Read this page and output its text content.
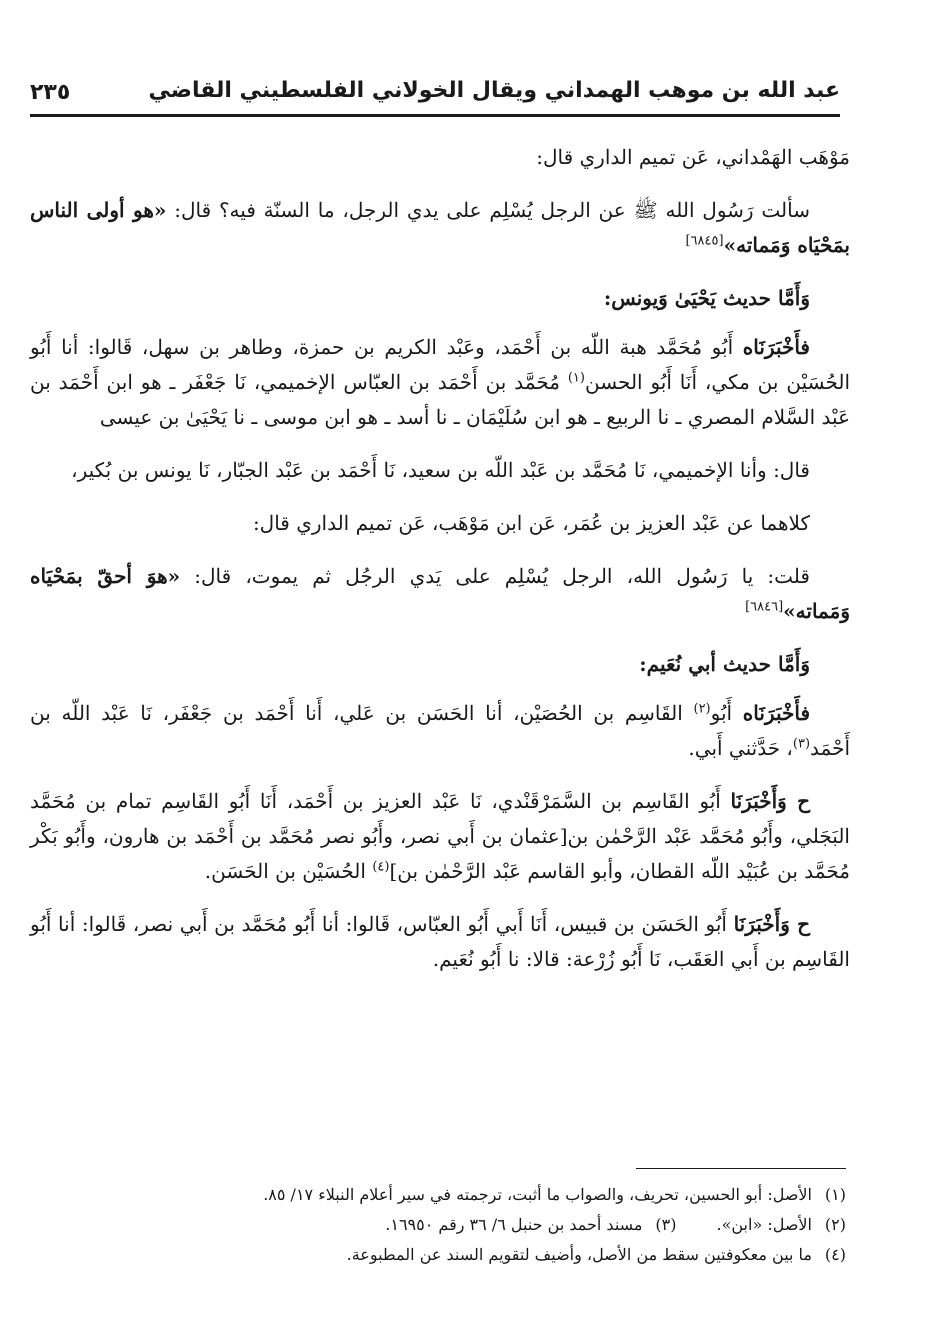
عبد الله بن موهب الهمداني ويقال الخولاني الفلسطيني القاضي
٢٣٥

مَوْهَب الهَمْداني، عَن تميم الداري قال:

سألت رَسُول الله ﷺ عن الرجل يُسْلِم على يدي الرجل، ما السنّة فيه؟ قال: «هو أولى الناس بمَحْيَاه وَمَماته»[٦٨٤٥]

وَأَمَّا حديث يَحْيَىٰ وَيونس:

فأَخْبَرَنَاه أَبُو مُحَمَّد هبة اللّه بن أَحْمَد، وعَبْد الكريم بن حمزة، وطاهر بن سهل، قَالوا: أنا أَبُو الحُسَيْن بن مكي، أَنَا أَبُو الحسن$^{(١)}$ مُحَمَّد بن أَحْمَد بن العبّاس الإخميمي، نَا جَعْفَر ـ هو ابن أَحْمَد بن عَبْد السَّلام المصري ـ نا الربيع ـ هو ابن سُلَيْمَان ـ نا أسد ـ هو ابن موسى ـ نا يَحْيَىٰ بن عيسى

قال: وأنا الإخميمي، نَا مُحَمَّد بن عَبْد اللّه بن سعيد، نَا أَحْمَد بن عَبْد الجبّار، نَا يونس بن بُكير،

كلاهما عن عَبْد العزيز بن عُمَر، عَن ابن مَوْهَب، عَن تميم الداري قال:

قلت: يا رَسُول الله، الرجل يُسْلِم على يَدي الرجُل ثم يموت، قال: «هوَ أحقّ بمَحْيَاه وَمَماته»[٦٨٤٦]

وَأَمَّا حديث أبي نُعَيم:

فأَخْبَرَنَاه أَبُو$^{(٢)}$ القَاسِم بن الحُصَيْن، أنا الحَسَن بن عَلي، أَنا أَحْمَد بن جَعْفَر، نَا عَبْد اللّه بن أَحْمَد$^{(٣)}$، حَدَّثني أَبي.

ح وَأَخْبَرَنَا أَبُو القَاسِم بن السَّمَرْقَنْدي، نَا عَبْد العزيز بن أَحْمَد، أَنَا أَبُو القَاسِم تمام بن مُحَمَّد البَجَلي، وأَبُو مُحَمَّد عَبْد الرَّحْمٰن بن[عثمان بن أَبي نصر، وأَبُو نصر مُحَمَّد بن أَحْمَد بن هارون، وأَبُو بَكْر مُحَمَّد بن عُبَيْد اللّه القطان، وأبو القاسم عَبْد الرَّحْمٰن بن]$^{(٤)}$ الحُسَيْن بن الحَسَن.

ح وَأَخْبَرَنَا أَبُو الحَسَن بن قبيس، أَنَا أَبي أَبُو العبّاس، قَالوا: أنا أَبُو مُحَمَّد بن أَبي نصر، قَالوا: أنا أَبُو القَاسِم بن أَبي العَقَب، نَا أَبُو زُرْعة: قالا: نا أَبُو نُعَيم.

(١)الأصل: أبو الحسين، تحريف، والصواب ما أثبت، ترجمته في سير أعلام النبلاء ١٧/ ٨٥.
(٢)الأصل: «ابن».(٣)مسند أحمد بن حنبل ٦/ ٣٦ رقم ١٦٩٥٠.
(٤)ما بين معكوفتين سقط من الأصل، وأضيف لتقويم السند عن المطبوعة.
